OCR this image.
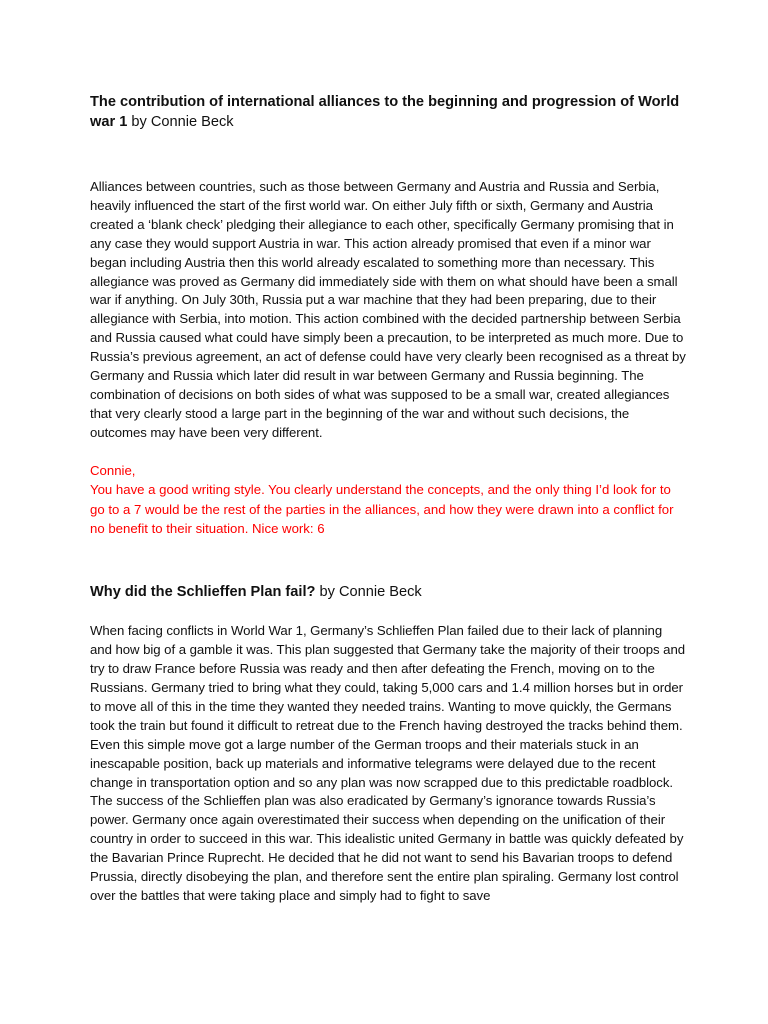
The contribution of international alliances to the beginning and progression of World war 1 by Connie Beck

Alliances between countries, such as those between Germany and Austria and Russia and Serbia, heavily influenced the start of the first world war. On either July fifth or sixth, Germany and Austria created a ‘blank check’ pledging their allegiance to each other, specifically Germany promising that in any case they would support Austria in war. This action already promised that even if a minor war began including Austria then this world already escalated to something more than necessary. This allegiance was proved as Germany did immediately side with them on what should have been a small war if anything. On July 30th, Russia put a war machine that they had been preparing, due to their allegiance with Serbia, into motion. This action combined with the decided partnership between Serbia and Russia caused what could have simply been a precaution, to be interpreted as much more. Due to Russia’s previous agreement, an act of defense could have very clearly been recognised as a threat by Germany and Russia which later did result in war between Germany and Russia beginning. The combination of decisions on both sides of what was supposed to be a small war, created allegiances that very clearly stood a large part in the beginning of the war and without such decisions, the outcomes may have been very different.

Connie,

You have a good writing style. You clearly understand the concepts, and the only thing I’d look for to go to a 7 would be the rest of the parties in the alliances, and how they were drawn into a conflict for no benefit to their situation. Nice work: 6

Why did the Schlieffen Plan fail? by Connie Beck

When facing conflicts in World War 1, Germany’s Schlieffen Plan failed due to their lack of planning and how big of a gamble it was. This plan suggested that Germany take the majority of their troops and try to draw France before Russia was ready and then after defeating the French, moving on to the Russians. Germany tried to bring what they could, taking 5,000 cars and 1.4 million horses but in order to move all of this in the time they wanted they needed trains. Wanting to move quickly, the Germans took the train but found it difficult to retreat due to the French having destroyed the tracks behind them. Even this simple move got a large number of the German troops and their materials stuck in an inescapable position, back up materials and informative telegrams were delayed due to the recent change in transportation option and so any plan was now scrapped due to this predictable roadblock. The success of the Schlieffen plan was also eradicated by Germany’s ignorance towards Russia’s power. Germany once again overestimated their success when depending on the unification of their country in order to succeed in this war. This idealistic united Germany in battle was quickly defeated by the Bavarian Prince Ruprecht. He decided that he did not want to send his Bavarian troops to defend Prussia, directly disobeying the plan, and therefore sent the entire plan spiraling. Germany lost control over the battles that were taking place and simply had to fight to save
